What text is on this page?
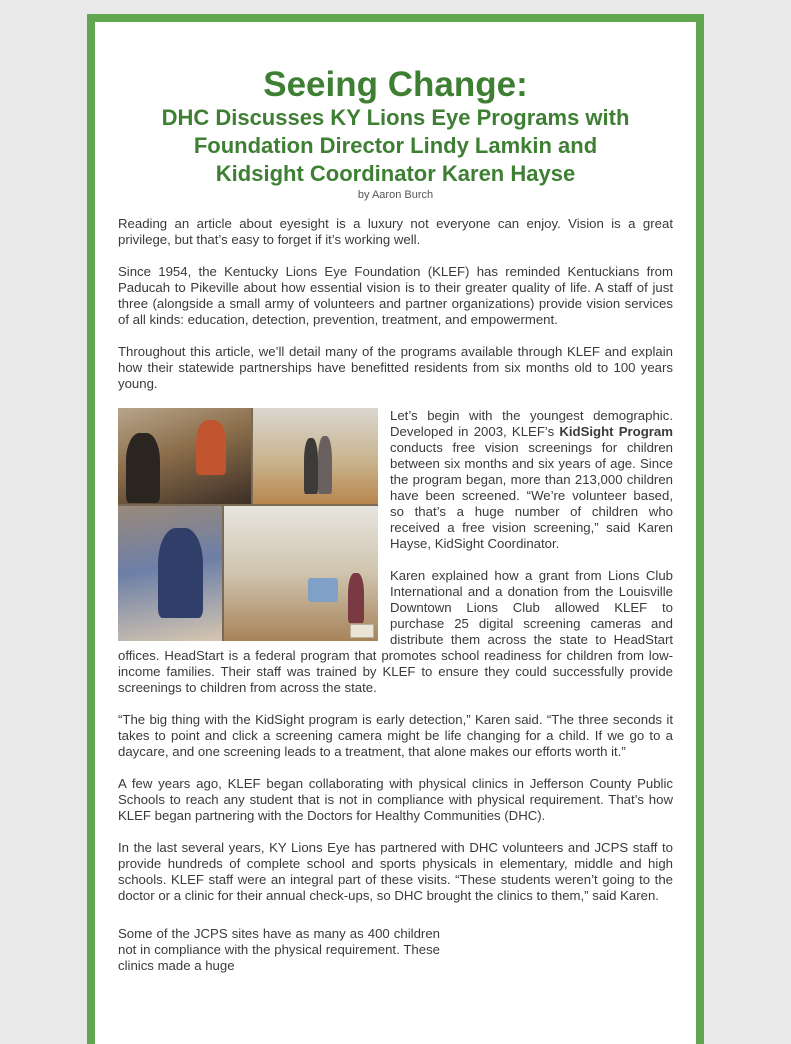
Seeing Change:
DHC Discusses KY Lions Eye Programs with
Foundation Director Lindy Lamkin and
Kidsight Coordinator Karen Hayse
by Aaron Burch

Reading an article about eyesight is a luxury not everyone can enjoy. Vision is a great privilege, but that’s easy to forget if it’s working well.

Since 1954, the Kentucky Lions Eye Foundation (KLEF) has reminded Kentuckians from Paducah to Pikeville about how essential vision is to their greater quality of life. A staff of just three (alongside a small army of volunteers and partner organizations) provide vision services of all kinds: education, detection, prevention, treatment, and empowerment.

Throughout this article, we’ll detail many of the programs available through KLEF and explain how their statewide partnerships have benefitted residents from six months old to 100 years young.

Let’s begin with the youngest demographic. Developed in 2003, KLEF’s KidSight Program conducts free vision screenings for children between six months and six years of age. Since the program began, more than 213,000 children have been screened. “We’re volunteer based, so that’s a huge number of children who received a free vision screening,” said Karen Hayse, KidSight Coordinator.

Karen explained how a grant from Lions Club International and a donation from the Louisville Downtown Lions Club allowed KLEF to purchase 25 digital screening cameras and distribute them across the state to HeadStart offices. HeadStart is a federal program that promotes school readiness for children from low-income families. Their staff was trained by KLEF to ensure they could successfully provide screenings to children from across the state.

“The big thing with the KidSight program is early detection,” Karen said. “The three seconds it takes to point and click a screening camera might be life changing for a child. If we go to a daycare, and one screening leads to a treatment, that alone makes our efforts worth it.”

A few years ago, KLEF began collaborating with physical clinics in Jefferson County Public Schools to reach any student that is not in compliance with physical requirement. That’s how KLEF began partnering with the Doctors for Healthy Communities (DHC).

In the last several years, KY Lions Eye has partnered with DHC volunteers and JCPS staff to provide hundreds of complete school and sports physicals in elementary, middle and high schools. KLEF staff were an integral part of these visits. “These students weren’t going to the doctor or a clinic for their annual check-ups, so DHC brought the clinics to them,” said Karen.

Some of the JCPS sites have as many as 400 children not in compliance with the physical requirement. These clinics made a huge
